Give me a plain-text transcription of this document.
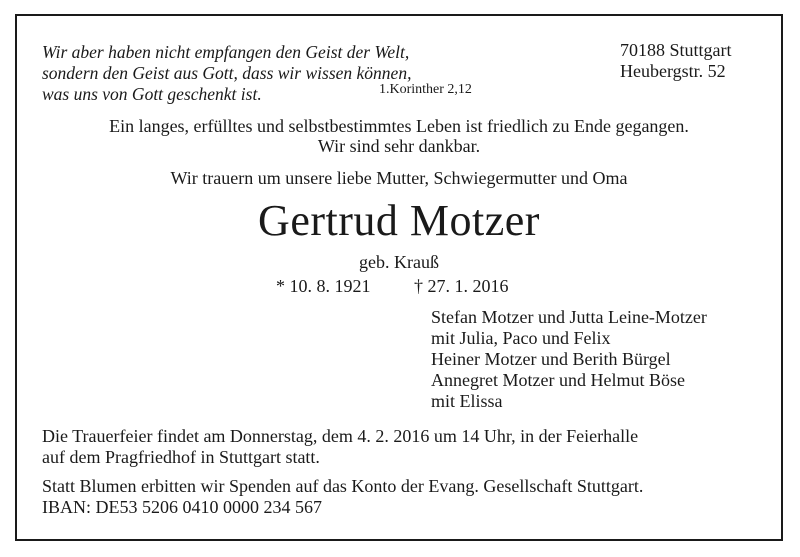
Wir aber haben nicht empfangen den Geist der Welt,
sondern den Geist aus Gott, dass wir wissen können,
was uns von Gott geschenkt ist.	1.Korinther 2,12
70188 Stuttgart
Heubergstr. 52
Ein langes, erfülltes und selbstbestimmtes Leben ist friedlich zu Ende gegangen.
Wir sind sehr dankbar.
Wir trauern um unsere liebe Mutter, Schwiegermutter und Oma
Gertrud Motzer
geb. Krauß
* 10. 8. 1921 † 27. 1. 2016
Stefan Motzer und Jutta Leine-Motzer
mit Julia, Paco und Felix
Heiner Motzer und Berith Bürgel
Annegret Motzer und Helmut Böse
mit Elissa
Die Trauerfeier findet am Donnerstag, dem 4. 2. 2016 um 14 Uhr, in der Feierhalle
auf dem Pragfriedhof in Stuttgart statt.
Statt Blumen erbitten wir Spenden auf das Konto der Evang. Gesellschaft Stuttgart.
IBAN: DE53 5206 0410 0000 234 567
